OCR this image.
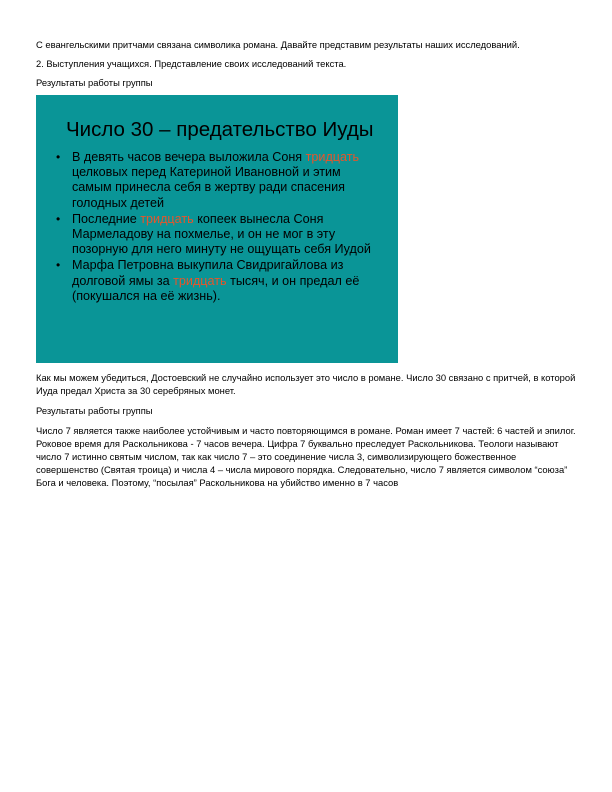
С евангельскими притчами связана символика романа. Давайте представим результаты наших исследований.

2. Выступления учащихся. Представление своих исследований текста.

Результаты работы группы

Число 30 – предательство Иуды
• В девять часов вечера выложила Соня тридцать целковых перед Катериной Ивановной и этим самым принесла себя в жертву ради спасения голодных детей
• Последние тридцать копеек вынесла Соня Мармеладову на похмелье, и он не мог в эту позорную для него минуту не ощущать себя Иудой
• Марфа Петровна выкупила Свидригайлова из долговой ямы за тридцать тысяч, и он предал её (покушался на её жизнь).

Как мы можем убедиться, Достоевский не случайно использует это число в романе. Число 30 связано с притчей, в которой Иуда предал Христа за 30 серебряных монет.

Результаты работы группы

Число 7 является также наиболее устойчивым и часто повторяющимся в романе. Роман имеет 7 частей: 6 частей и эпилог. Роковое время для Раскольникова - 7 часов вечера. Цифра 7 буквально преследует Раскольникова. Теологи называют число 7 истинно святым числом, так как число 7 – это соединение числа 3, символизирующего божественное совершенство (Святая троица) и числа 4 – числа мирового порядка. Следовательно, число 7 является символом “союза” Бога и человека. Поэтому, “посылая” Раскольникова на убийство именно в 7 часов
